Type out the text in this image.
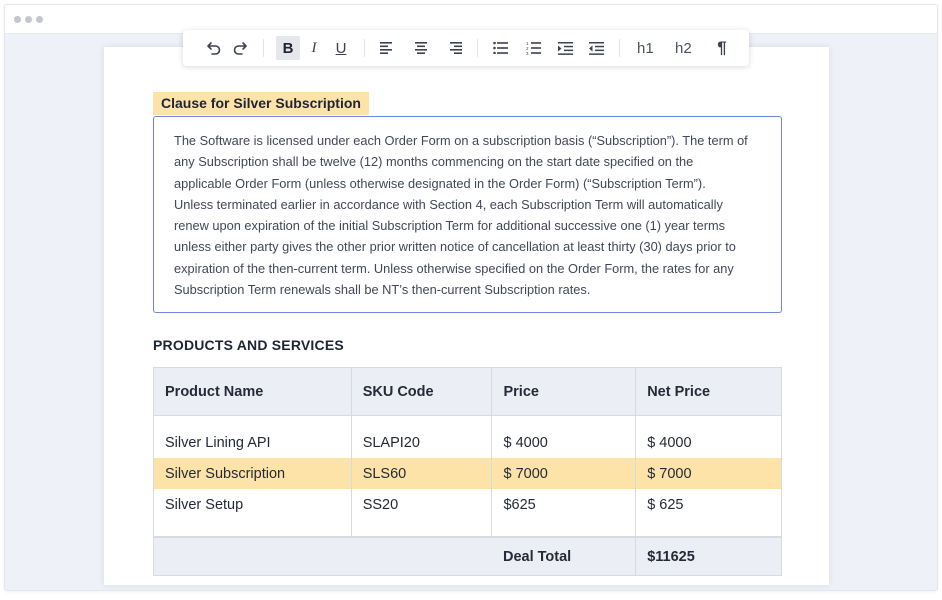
B I U	1
2
3	h1 h2 ¶
Clause for Silver Subscription

The Software is licensed under each Order Form on a subscription basis (“Subscription”). The term of
any Subscription shall be twelve (12) months commencing on the start date specified on the
applicable Order Form (unless otherwise designated in the Order Form) (“Subscription Term”).
Unless terminated earlier in accordance with Section 4, each Subscription Term will automatically
renew upon expiration of the initial Subscription Term for additional successive one (1) year terms
unless either party gives the other prior written notice of cancellation at least thirty (30) days prior to
expiration of the then-current term. Unless otherwise specified on the Order Form, the rates for any
Subscription Term renewals shall be NT’s then-current Subscription rates.

PRODUCTS AND SERVICES
Product Name	SKU Code	Price	Net Price

Silver Lining API	SLAPI20	$ 4000	$ 4000
Silver Subscription	SLS60	$ 7000	$ 7000
Silver Setup	SS20	$625	$ 625

		Deal Total	$11625
